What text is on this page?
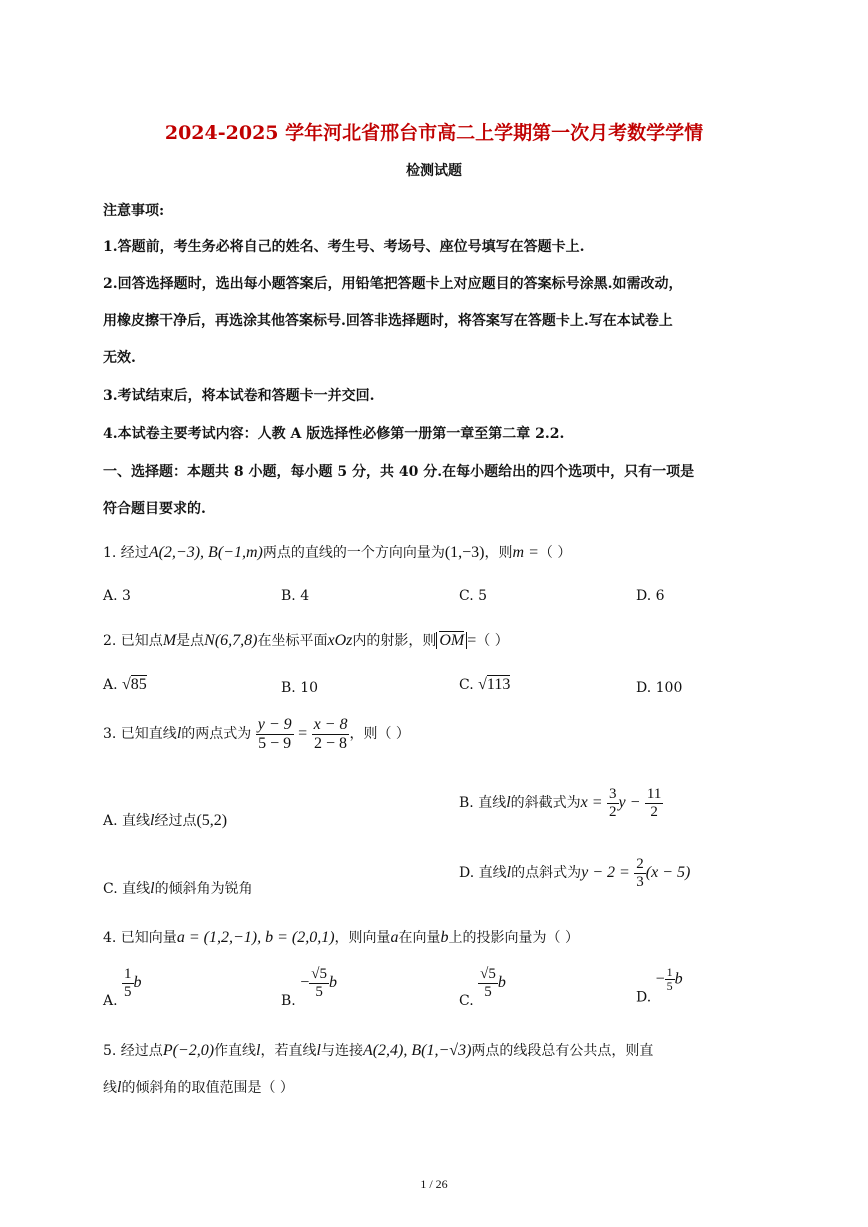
2024-2025 学年河北省邢台市高二上学期第一次月考数学学情
检测试题
注意事项:
1.答题前，考生务必将自己的姓名、考生号、考场号、座位号填写在答题卡上.
2.回答选择题时，选出每小题答案后，用铅笔把答题卡上对应题目的答案标号涂黑.如需改动，
用橡皮擦干净后，再选涂其他答案标号.回答非选择题时，将答案写在答题卡上.写在本试卷上
无效.
3.考试结束后，将本试卷和答题卡一并交回.
4.本试卷主要考试内容：人教 A 版选择性必修第一册第一章至第二章 2.2.
一、选择题：本题共 8 小题，每小题 5 分，共 40 分.在每小题给出的四个选项中，只有一项是
符合题目要求的.
1. 经过A(2,−3), B(−1,m)两点的直线的一个方向向量为(1,−3)，则m =（ ）
A. 3	B. 4	C. 5	D. 6
2. 已知点M是点N(6,7,8)在坐标平面xOz内的射影，则 OM =（ ）
A. √85	B. 10	C. √113	D. 100
3. 已知直线l的两点式为 $\frac{y - 9}{5 - 9} = \frac{x - 8}{2 - 8}$ ，则（ ）
A. 直线l经过点(5,2)
B. 直线l的斜截式为$x = \frac{3}{2}$ $y - \frac{11}{2}$
C. 直线l的倾斜角为锐角
D. 直线l的点斜式为$y - 2 = \frac{2}{3} (x - 5)$
4. 已知向量a = (1,2,−1), b = (2,0,1)，则向量a在向量b上的投影向量为（ ）
A.
$\frac{1}{5}$ b
B. − $\frac{√5}{5}$ b
C.
$\frac{√5}{5}$ b
D. − $\frac{1}{5}$ b
5. 经过点P(−2,0)作直线l，若直线l与连接A(2,4), B(1,−√3)两点的线段总有公共点，则直
线l的倾斜角的取值范围是（ ）
1 / 26
